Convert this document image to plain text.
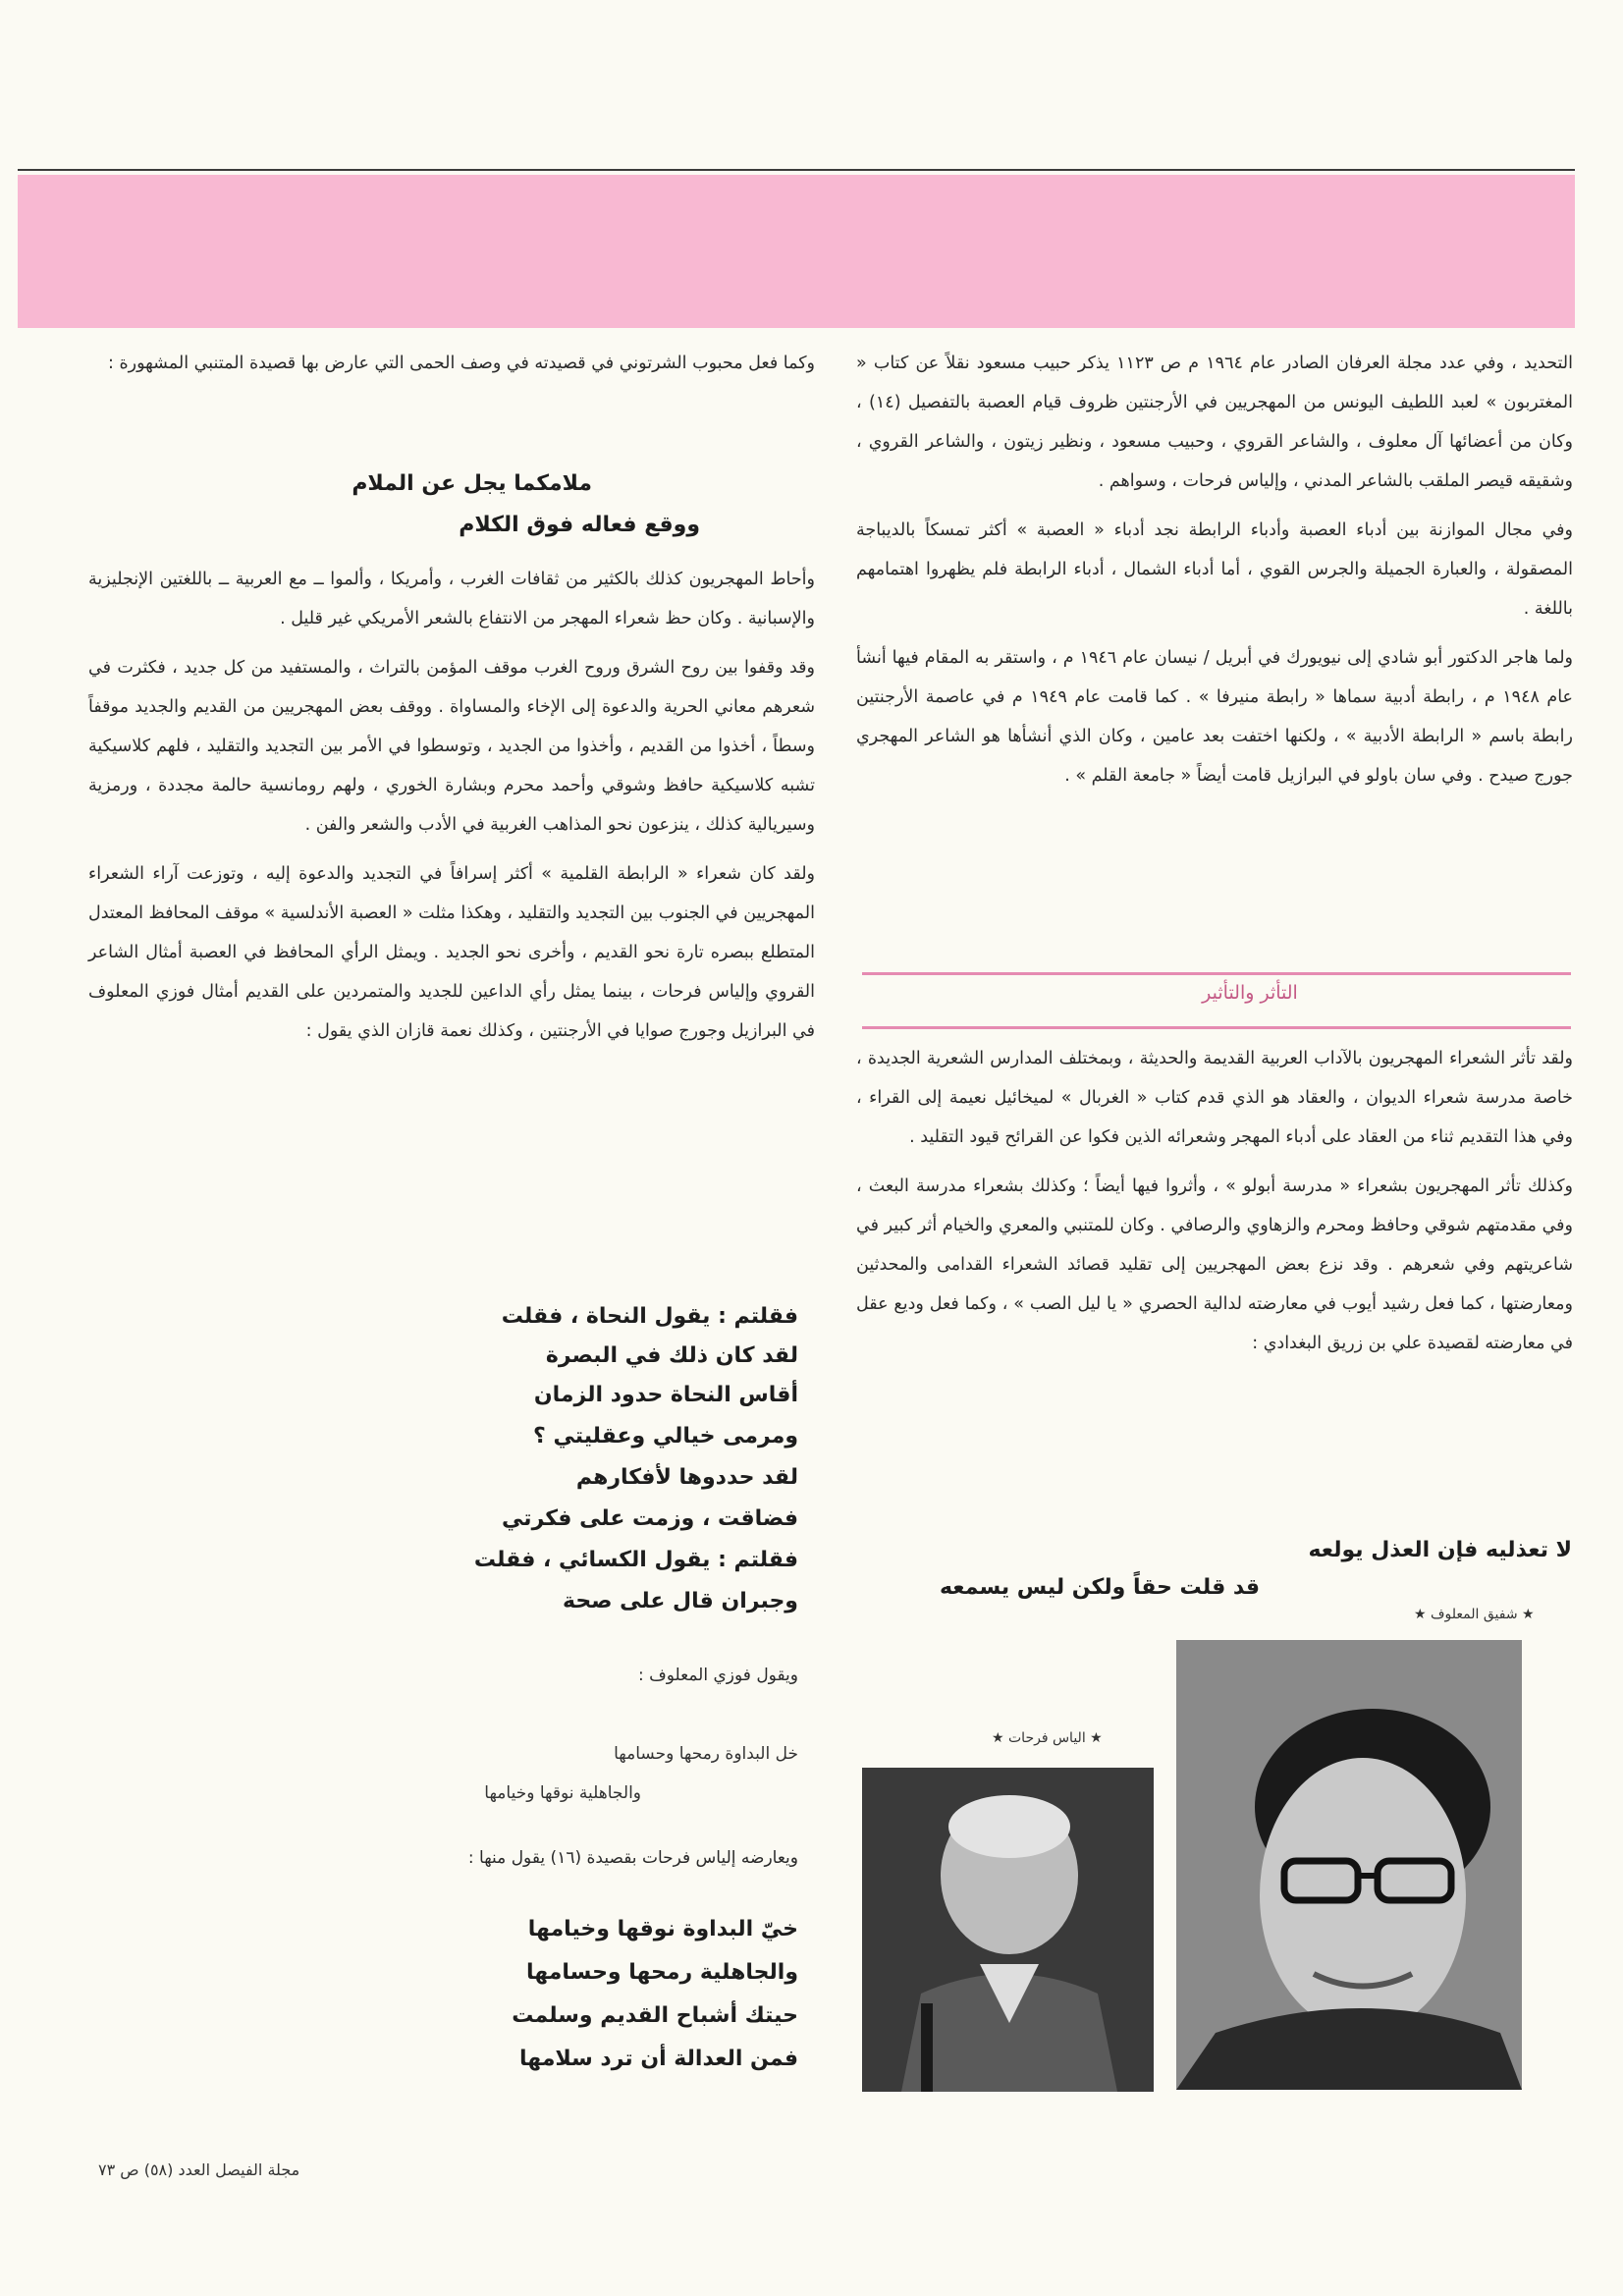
التحديد ، وفي عدد مجلة العرفان الصادر عام ١٩٦٤ م ص ١١٢٣ يذكر حبيب مسعود نقلاً عن كتاب « المغتربون » لعبد اللطيف اليونس من المهجريين في الأرجنتين ظروف قيام العصبة بالتفصيل (١٤) ، وكان من أعضائها آل معلوف ، والشاعر القروي ، وحبيب مسعود ، ونظير زيتون ، والشاعر القروي ، وشقيقه قيصر الملقب بالشاعر المدني ، وإلياس فرحات ، وسواهم .

وفي مجال الموازنة بين أدباء العصبة وأدباء الرابطة نجد أدباء « العصبة » أكثر تمسكاً بالديباجة المصقولة ، والعبارة الجميلة والجرس القوي ، أما أدباء الشمال ، أدباء الرابطة فلم يظهروا اهتمامهم باللغة .

ولما هاجر الدكتور أبو شادي إلى نيويورك في أبريل / نيسان عام ١٩٤٦ م ، واستقر به المقام فيها أنشأ عام ١٩٤٨ م ، رابطة أدبية سماها « رابطة منيرفا » . كما قامت عام ١٩٤٩ م في عاصمة الأرجنتين رابطة باسم « الرابطة الأدبية » ، ولكنها اختفت بعد عامين ، وكان الذي أنشأها هو الشاعر المهجري جورج صيدح . وفي سان باولو في البرازيل قامت أيضاً « جامعة القلم » .

التأثر والتأثير

ولقد تأثر الشعراء المهجريون بالآداب العربية القديمة والحديثة ، وبمختلف المدارس الشعرية الجديدة ، خاصة مدرسة شعراء الديوان ، والعقاد هو الذي قدم كتاب « الغربال » لميخائيل نعيمة إلى القراء ، وفي هذا التقديم ثناء من العقاد على أدباء المهجر وشعرائه الذين فكوا عن القرائح قيود التقليد .

وكذلك تأثر المهجريون بشعراء « مدرسة أبولو » ، وأثروا فيها أيضاً ؛ وكذلك بشعراء مدرسة البعث ، وفي مقدمتهم شوقي وحافظ ومحرم والزهاوي والرصافي . وكان للمتنبي والمعري والخيام أثر كبير في شاعريتهم وفي شعرهم . وقد نزع بعض المهجريين إلى تقليد قصائد الشعراء القدامى والمحدثين ومعارضتها ، كما فعل رشيد أيوب في معارضته لدالية الحصري « يا ليل الصب » ، وكما فعل وديع عقل في معارضته لقصيدة علي بن زريق البغدادي :

لا تعذليه فإن العذل يولعه
قد قلت حقاً ولكن ليس يسمعه
★ شفيق المعلوف ★
★ الياس فرحات ★

وكما فعل محبوب الشرتوني في قصيدته في وصف الحمى التي عارض بها قصيدة المتنبي المشهورة :

ملامكما يجل عن الملام
ووقع فعاله فوق الكلام

وأحاط المهجريون كذلك بالكثير من ثقافات الغرب ، وأمريكا ، وألموا ــ مع العربية ــ باللغتين الإنجليزية والإسبانية . وكان حظ شعراء المهجر من الانتفاع بالشعر الأمريكي غير قليل .

وقد وقفوا بين روح الشرق وروح الغرب موقف المؤمن بالتراث ، والمستفيد من كل جديد ، فكثرت في شعرهم معاني الحرية والدعوة إلى الإخاء والمساواة . ووقف بعض المهجريين من القديم والجديد موقفاً وسطاً ، أخذوا من القديم ، وأخذوا من الجديد ، وتوسطوا في الأمر بين التجديد والتقليد ، فلهم كلاسيكية تشبه كلاسيكية حافظ وشوقي وأحمد محرم وبشارة الخوري ، ولهم رومانسية حالمة مجددة ، ورمزية وسيريالية كذلك ، ينزعون نحو المذاهب الغربية في الأدب والشعر والفن .

ولقد كان شعراء « الرابطة القلمية » أكثر إسرافاً في التجديد والدعوة إليه ، وتوزعت آراء الشعراء المهجريين في الجنوب بين التجديد والتقليد ، وهكذا مثلت « العصبة الأندلسية » موقف المحافظ المعتدل المتطلع ببصره تارة نحو القديم ، وأخرى نحو الجديد . ويمثل الرأي المحافظ في العصبة أمثال الشاعر القروي وإلياس فرحات ، بينما يمثل رأي الداعين للجديد والمتمردين على القديم أمثال فوزي المعلوف في البرازيل وجورج صوايا في الأرجنتين ، وكذلك نعمة قازان الذي يقول :

فقلتم : يقول النحاة ، فقلت
لقد كان ذلك في البصرة
أقاس النحاة حدود الزمان
ومرمى خيالي وعقليتي ؟
لقد حددوها لأفكارهم
فضاقت ، وزمت على فكرتي
فقلتم : يقول الكسائي ، فقلت
وجبران قال على صحة
ويقول فوزي المعلوف :
خل البداوة رمحها وحسامها
والجاهلية نوقها وخيامها
ويعارضه إلياس فرحات بقصيدة (١٦) يقول منها :
خيّ البداوة نوقها وخيامها
والجاهلية رمحها وحسامها
حيتك أشباح القديم وسلمت
فمن العدالة أن ترد سلامها
مجلة الفيصل العدد (٥٨) ص ٧٣
